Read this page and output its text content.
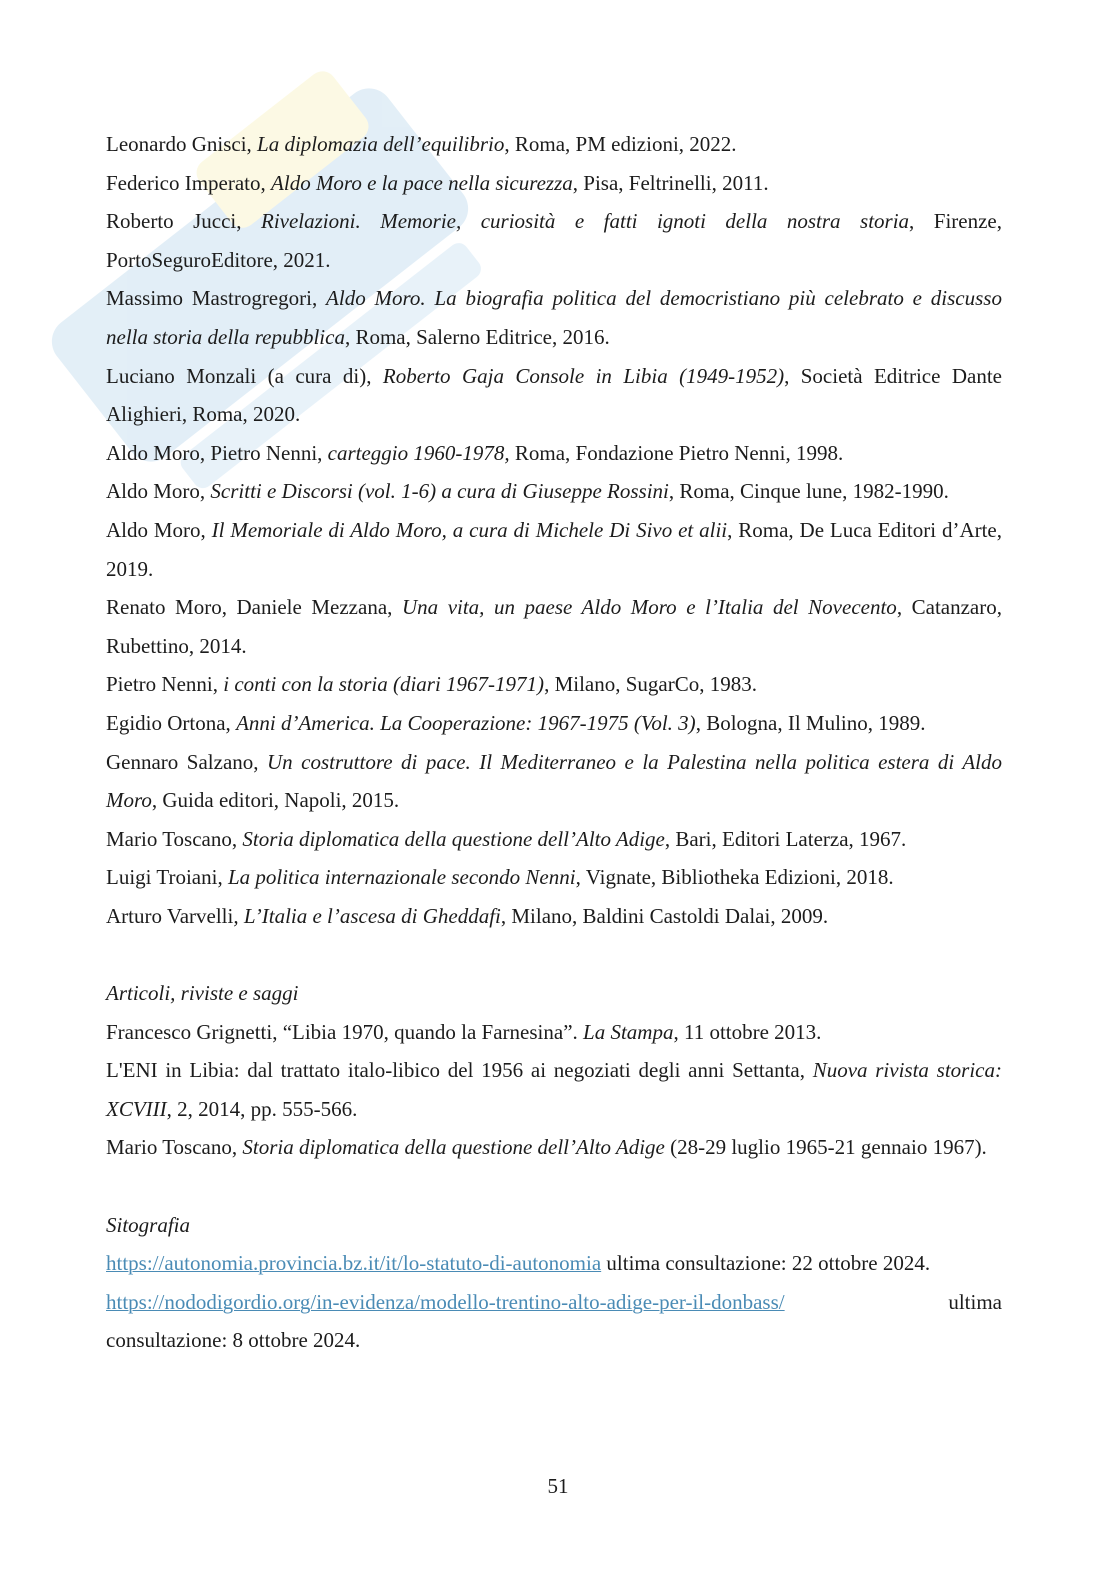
Leonardo Gnisci, La diplomazia dell’equilibrio, Roma, PM edizioni, 2022.

Federico Imperato, Aldo Moro e la pace nella sicurezza, Pisa, Feltrinelli, 2011.

Roberto Jucci, Rivelazioni. Memorie, curiosità e fatti ignoti della nostra storia, Firenze, PortoSeguroEditore, 2021.

Massimo Mastrogregori, Aldo Moro. La biografia politica del democristiano più celebrato e discusso nella storia della repubblica, Roma, Salerno Editrice, 2016.

Luciano Monzali (a cura di), Roberto Gaja Console in Libia (1949-1952), Società Editrice Dante Alighieri, Roma, 2020.

Aldo Moro, Pietro Nenni, carteggio 1960-1978, Roma, Fondazione Pietro Nenni, 1998.

Aldo Moro, Scritti e Discorsi (vol. 1-6) a cura di Giuseppe Rossini, Roma, Cinque lune, 1982-1990.

Aldo Moro, Il Memoriale di Aldo Moro, a cura di Michele Di Sivo et alii, Roma, De Luca Editori d’Arte, 2019.

Renato Moro, Daniele Mezzana, Una vita, un paese Aldo Moro e l’Italia del Novecento, Catanzaro, Rubettino, 2014.

Pietro Nenni, i conti con la storia (diari 1967-1971), Milano, SugarCo, 1983.

Egidio Ortona, Anni d’America. La Cooperazione: 1967-1975 (Vol. 3), Bologna, Il Mulino, 1989.

Gennaro Salzano, Un costruttore di pace. Il Mediterraneo e la Palestina nella politica estera di Aldo Moro, Guida editori, Napoli, 2015.

Mario Toscano, Storia diplomatica della questione dell’Alto Adige, Bari, Editori Laterza, 1967.

Luigi Troiani, La politica internazionale secondo Nenni, Vignate, Bibliotheka Edizioni, 2018.

Arturo Varvelli, L’Italia e l’ascesa di Gheddafi, Milano, Baldini Castoldi Dalai, 2009.

Articoli, riviste e saggi

Francesco Grignetti, “Libia 1970, quando la Farnesina”. La Stampa, 11 ottobre 2013.

L'ENI in Libia: dal trattato italo-libico del 1956 ai negoziati degli anni Settanta, Nuova rivista storica: XCVIII, 2, 2014, pp. 555-566.

Mario Toscano, Storia diplomatica della questione dell’Alto Adige (28-29 luglio 1965-21 gennaio 1967).

Sitografia

https://autonomia.provincia.bz.it/it/lo-statuto-di-autonomia ultima consultazione: 22 ottobre 2024.

https://nododigordio.org/in-evidenza/modello-trentino-alto-adige-per-il-donbass/	ultima

consultazione: 8 ottobre 2024.

51
